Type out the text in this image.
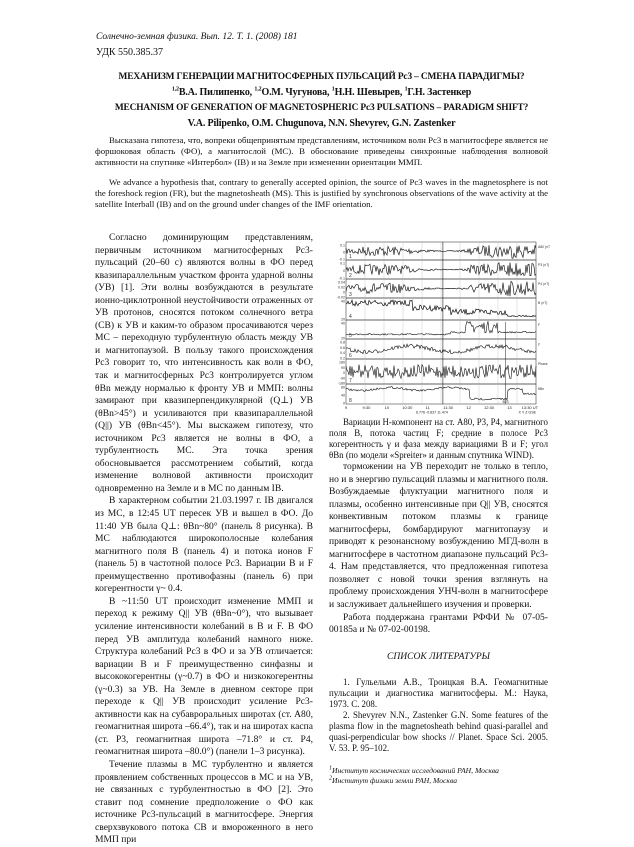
Солнечно-земная физика. Вып. 12. Т. 1. (2008) 181
УДК 550.385.37
МЕХАНИЗМ ГЕНЕРАЦИИ МАГНИТОСФЕРНЫХ ПУЛЬСАЦИЙ Pc3 – СМЕНА ПАРАДИГМЫ?
$^{1,2}$В.А. Пилипенко, $^{1,2}$О.М. Чугунова, $^1$Н.Н. Шевырев, $^1$Г.Н. Застенкер
MECHANISM OF GENERATION OF MAGNETOSPHERIC Pc3 PULSATIONS – PARADIGM SHIFT?
V.A. Pilipenko, O.M. Chugunova, N.N. Shevyrev, G.N. Zastenker

Высказана гипотеза, что, вопреки общепринятым представлениям, источником волн Pc3 в магнитосфере является не форшоковая область (ФО), а магнитослой (МС). В обоснование приведены синхронные наблюдения волновой активности на спутнике «Интербол» (IB) и на Земле при изменении ориентации ММП.

We advance a hypothesis that, contrary to generally accepted opinion, the source of Pc3 waves in the magnetosphere is not the foreshock region (FR), but the magnetosheath (MS). This is justified by synchronous observations of the wave activity at the satellite Interball (IB) and on the ground under changes of the IMF orientation.

Согласно доминирующим представлениям, первичным источником магнитосферных Pc3-пульсаций (20–60 с) являются волны в ФО перед квазипараллельным участком фронта ударной волны (УВ) [1]. Эти волны возбуждаются в результате ионно-циклотронной неустойчивости отраженных от УВ протонов, сносятся потоком солнечного ветра (СВ) к УВ и каким-то образом просачиваются через МС – переходную турбулентную область между УВ и магнитопаузой. В пользу такого происхождения Pc3 говорит то, что интенсивность как волн в ФО, так и магнитосферных Pc3 контролируется углом θBn между нормалью к фронту УВ и ММП: волны замирают при квазиперпендикулярной (Q⊥) УВ (θBn>45°) и усиливаются при квазипараллельной (Q||) УВ (θBn<45°). Мы выскажем гипотезу, что источником Pc3 является не волны в ФО, а турбулентность МС. Эта точка зрения обосновывается рассмотрением событий, когда изменение волновой активности происходит одновременно на Земле и в МС по данным IB.

В характерном событии 21.03.1997 г. IB двигался из МС, в 12:45 UT пересек УВ и вышел в ФО. До 11:40 УВ была Q⊥: θBn~80° (панель 8 рисунка). В МС наблюдаются широкополосные колебания магнитного поля B (панель 4) и потока ионов F (панель 5) в частотной полосе Pc3. Вариации B и F преимущественно противофазны (панель 6) при когерентности γ~ 0.4.

В ~11:50 UT происходит изменение ММП и переход к режиму Q|| УВ (θBn~0°), что вызывает усиление интенсивности колебаний в B и F. В ФО перед УВ амплитуда колебаний намного ниже. Структура колебаний Pc3 в ФО и за УВ отличается: вариации B и F преимущественно синфазны и высококогерентны (γ~0.7) в ФО и низкокогерентны (γ~0.3) за УВ. На Земле в дневном секторе при переходе к Q|| УВ происходит усиление Pc3-активности как на субавроральных широтах (ст. A80, геомагнитная широта –66.4°), так и на широтах каспа (ст. P3, геомагнитная широта –71.8° и ст. P4, геомагнитная широта –80.0°) (панели 1–3 рисунка).

Течение плазмы в МС турбулентно и является проявлением собственных процессов в МС и на УВ, не связанных с турбулентностью в ФО [2]. Это ставит под сомнение предположение о ФО как источнике Pc3-пульсаций в магнитосфере. Энергия сверхзвукового потока СВ и вмороженного в него ММП при

1
0.1
0
-0.1
A80 (nT)
2
0.1
0
-0.1
P3 (nT)
3
0.04
0.02
0
-0.02
P4 (nT)
4
40
20
B (nT)
5
40
20
F
6
0.8
0.6
0.4
0.2
γ
7
180
90
0
-90
-180
Phase
8
80
40
0
θBn
B.S
9	9:30	10	10:30	11	11:30	12	12:30	13 13:30 UT
6.776 -0.837 11.474	X Y Z GSE

Вариации H-компонент на ст. A80, P3, P4, магнитного поля B, потока частиц F; средние в полосе Pc3 когерентность γ и фаза между вариациями B и F; угол θBn (по модели «Spreiter» и данным спутника WIND).

торможении на УВ переходит не только в тепло, но и в энергию пульсаций плазмы и магнитного поля. Возбуждаемые флуктуации магнитного поля и плазмы, особенно интенсивные при Q|| УВ, сносятся конвективным потоком плазмы к границе магнитосферы, бомбардируют магнитопаузу и приводят к резонансному возбуждению МГД-волн в магнитосфере в частотном диапазоне пульсаций Pc3-4. Нам представляется, что предложенная гипотеза позволяет с новой точки зрения взглянуть на проблему происхождения УНЧ-волн в магнитосфере и заслуживает дальнейшего изучения и проверки.

Работа поддержана грантами РФФИ № 07-05-00185а и № 07-02-00198.

СПИСОК ЛИТЕРАТУРЫ

1. Гульельми А.В., Троицкая В.А. Геомагнитные пульсации и диагностика магнитосферы. М.: Наука, 1973. С. 208.

2. Shevyrev N.N., Zastenker G.N. Some features of the plasma flow in the magnetosheath behind quasi-parallel and quasi-perpendicular bow shocks // Planet. Space Sci. 2005. V. 53. P. 95–102.

$^1$Институт космических исследований РАН, Москва

$^2$Институт физики земли РАН, Москва
